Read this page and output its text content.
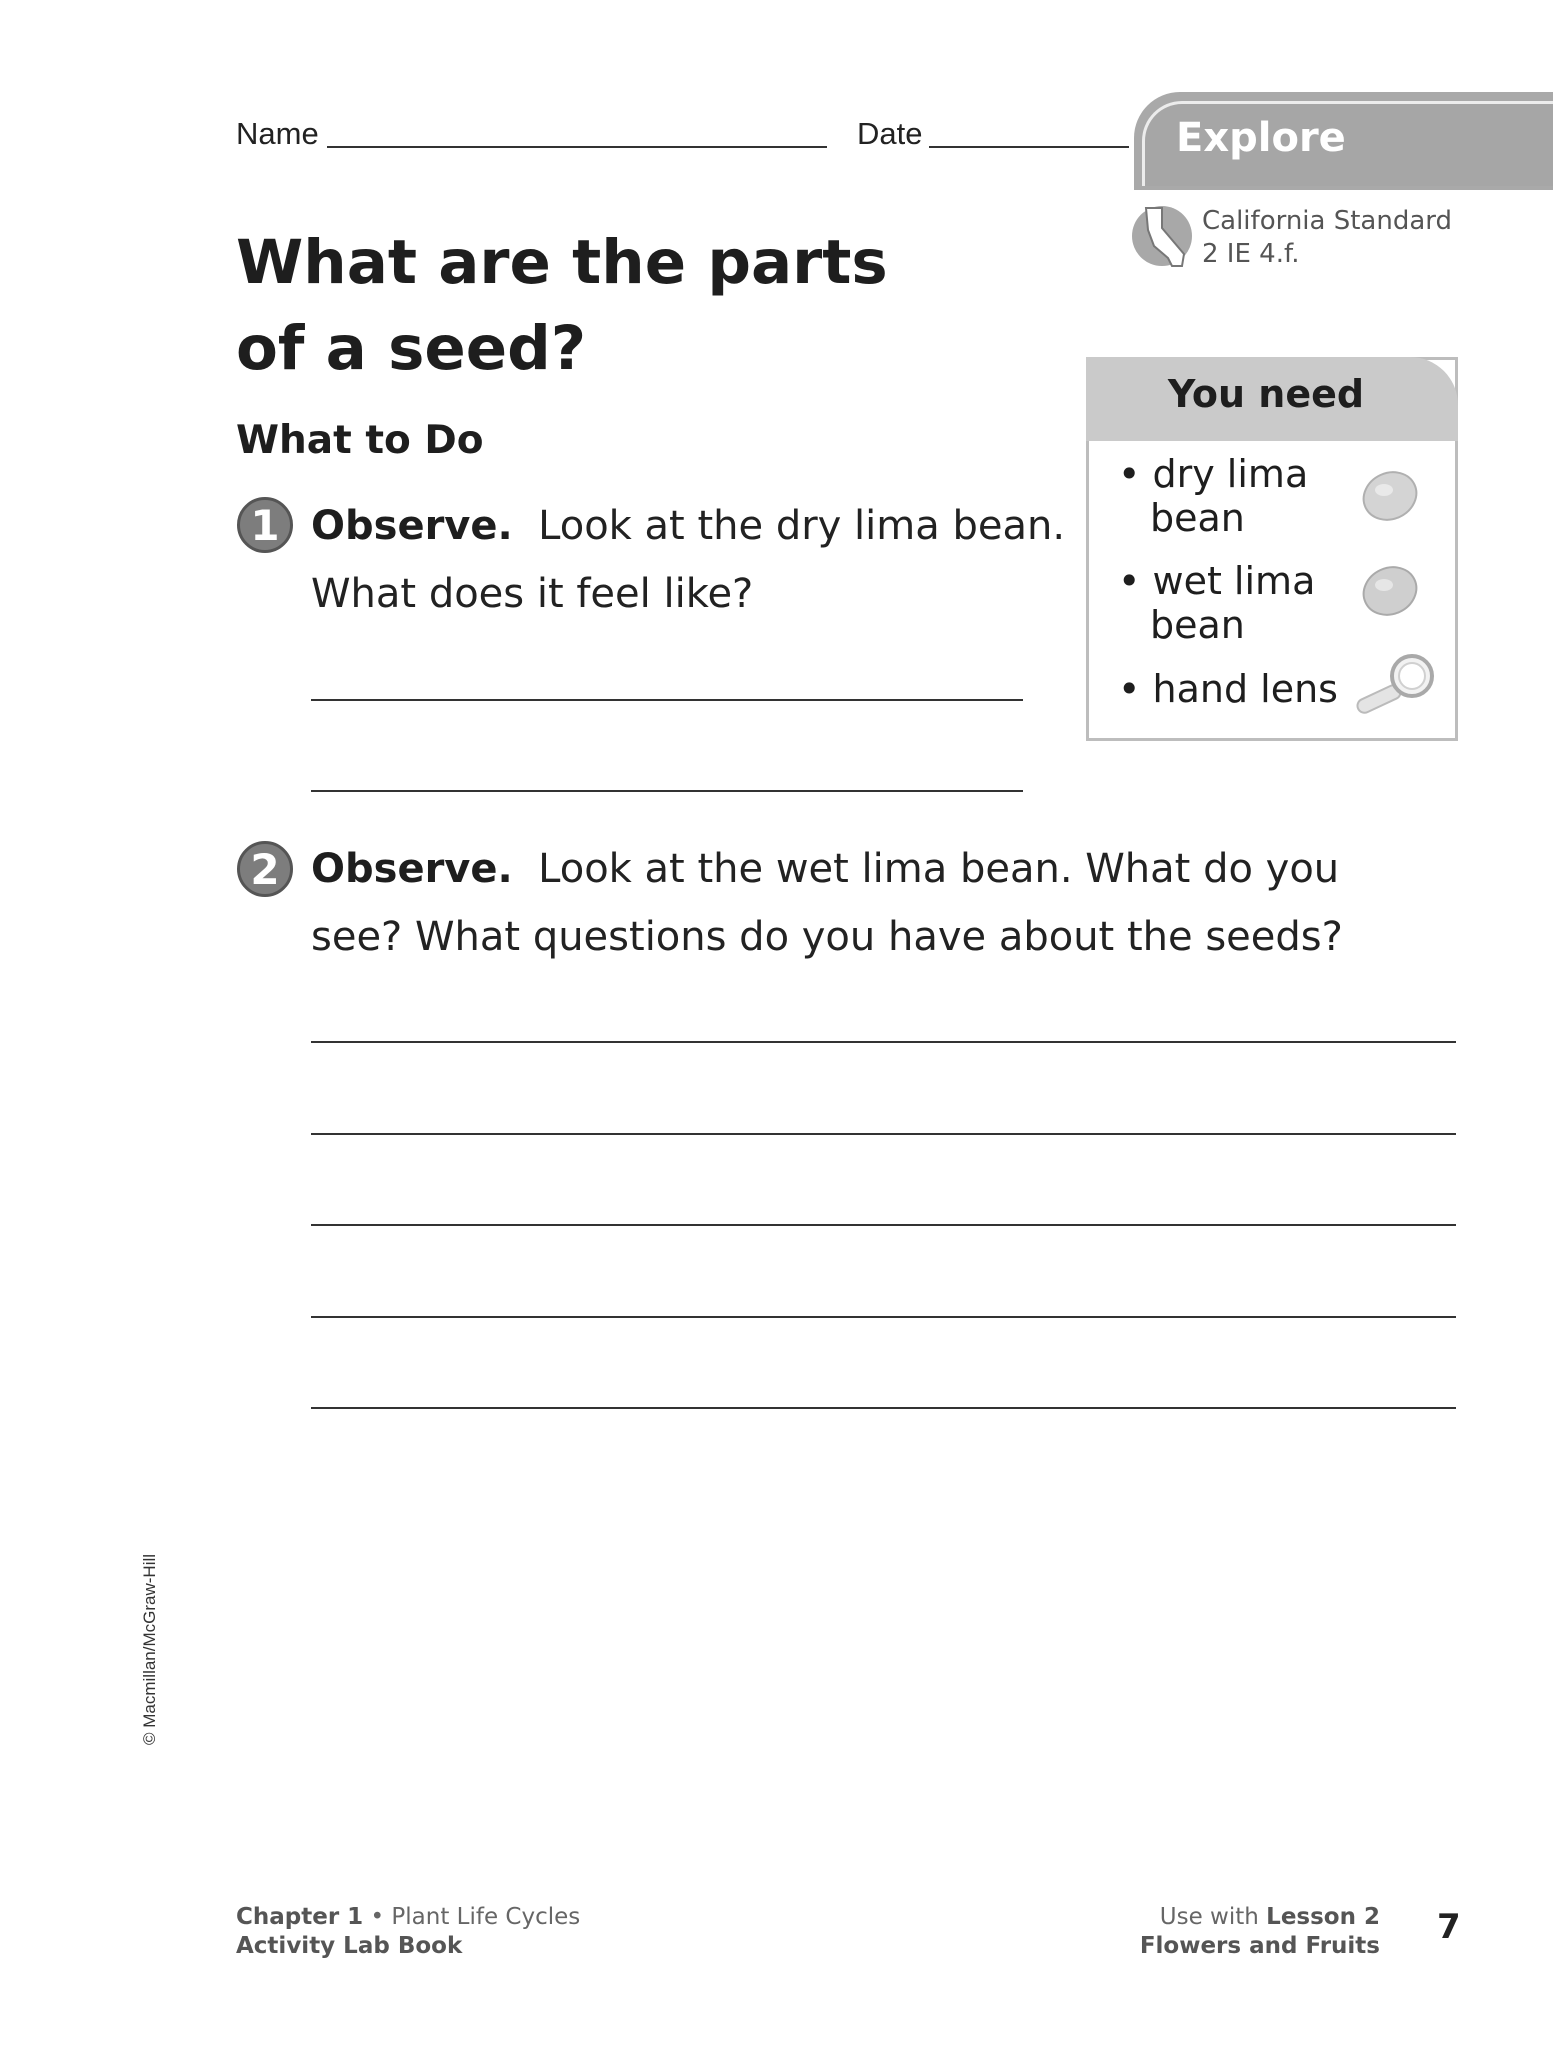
Name	Date	Explore
California Standard
2 IE 4.f.
What are the parts
of a seed?
What to Do
1 Observe. Look at the dry lima bean.
What does it feel like?
2 Observe. Look at the wet lima bean. What do you
see? What questions do you have about the seeds?
You need
• dry lima
bean
• wet lima
bean
• hand lens
Chapter 1 • Plant Life Cycles
Activity Lab Book
Use with Lesson 2
Flowers and Fruits 7
© Macmillan/McGraw-Hill
